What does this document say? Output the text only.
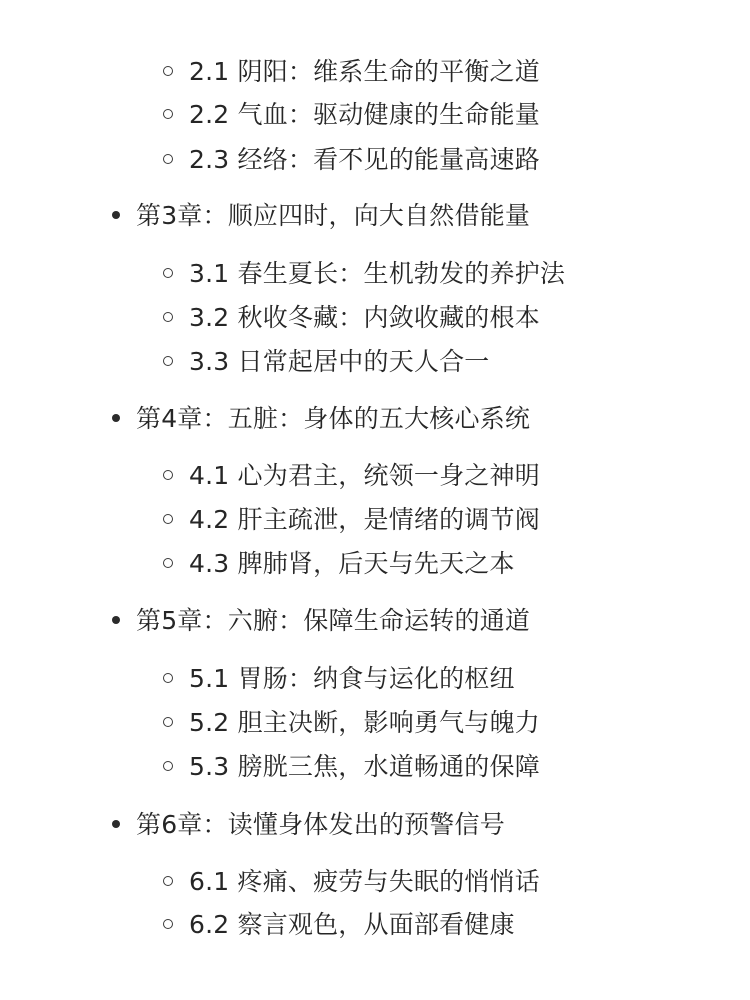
2.1 阴阳：维系生命的平衡之道
2.2 气血：驱动健康的生命能量
2.3 经络：看不见的能量高速路
第3章：顺应四时，向大自然借能量
3.1 春生夏长：生机勃发的养护法
3.2 秋收冬藏：内敛收藏的根本
3.3 日常起居中的天人合一
第4章：五脏：身体的五大核心系统
4.1 心为君主，统领一身之神明
4.2 肝主疏泄，是情绪的调节阀
4.3 脾肺肾，后天与先天之本
第5章：六腑：保障生命运转的通道
5.1 胃肠：纳食与运化的枢纽
5.2 胆主决断，影响勇气与魄力
5.3 膀胱三焦，水道畅通的保障
第6章：读懂身体发出的预警信号
6.1 疼痛、疲劳与失眠的悄悄话
6.2 察言观色，从面部看健康
